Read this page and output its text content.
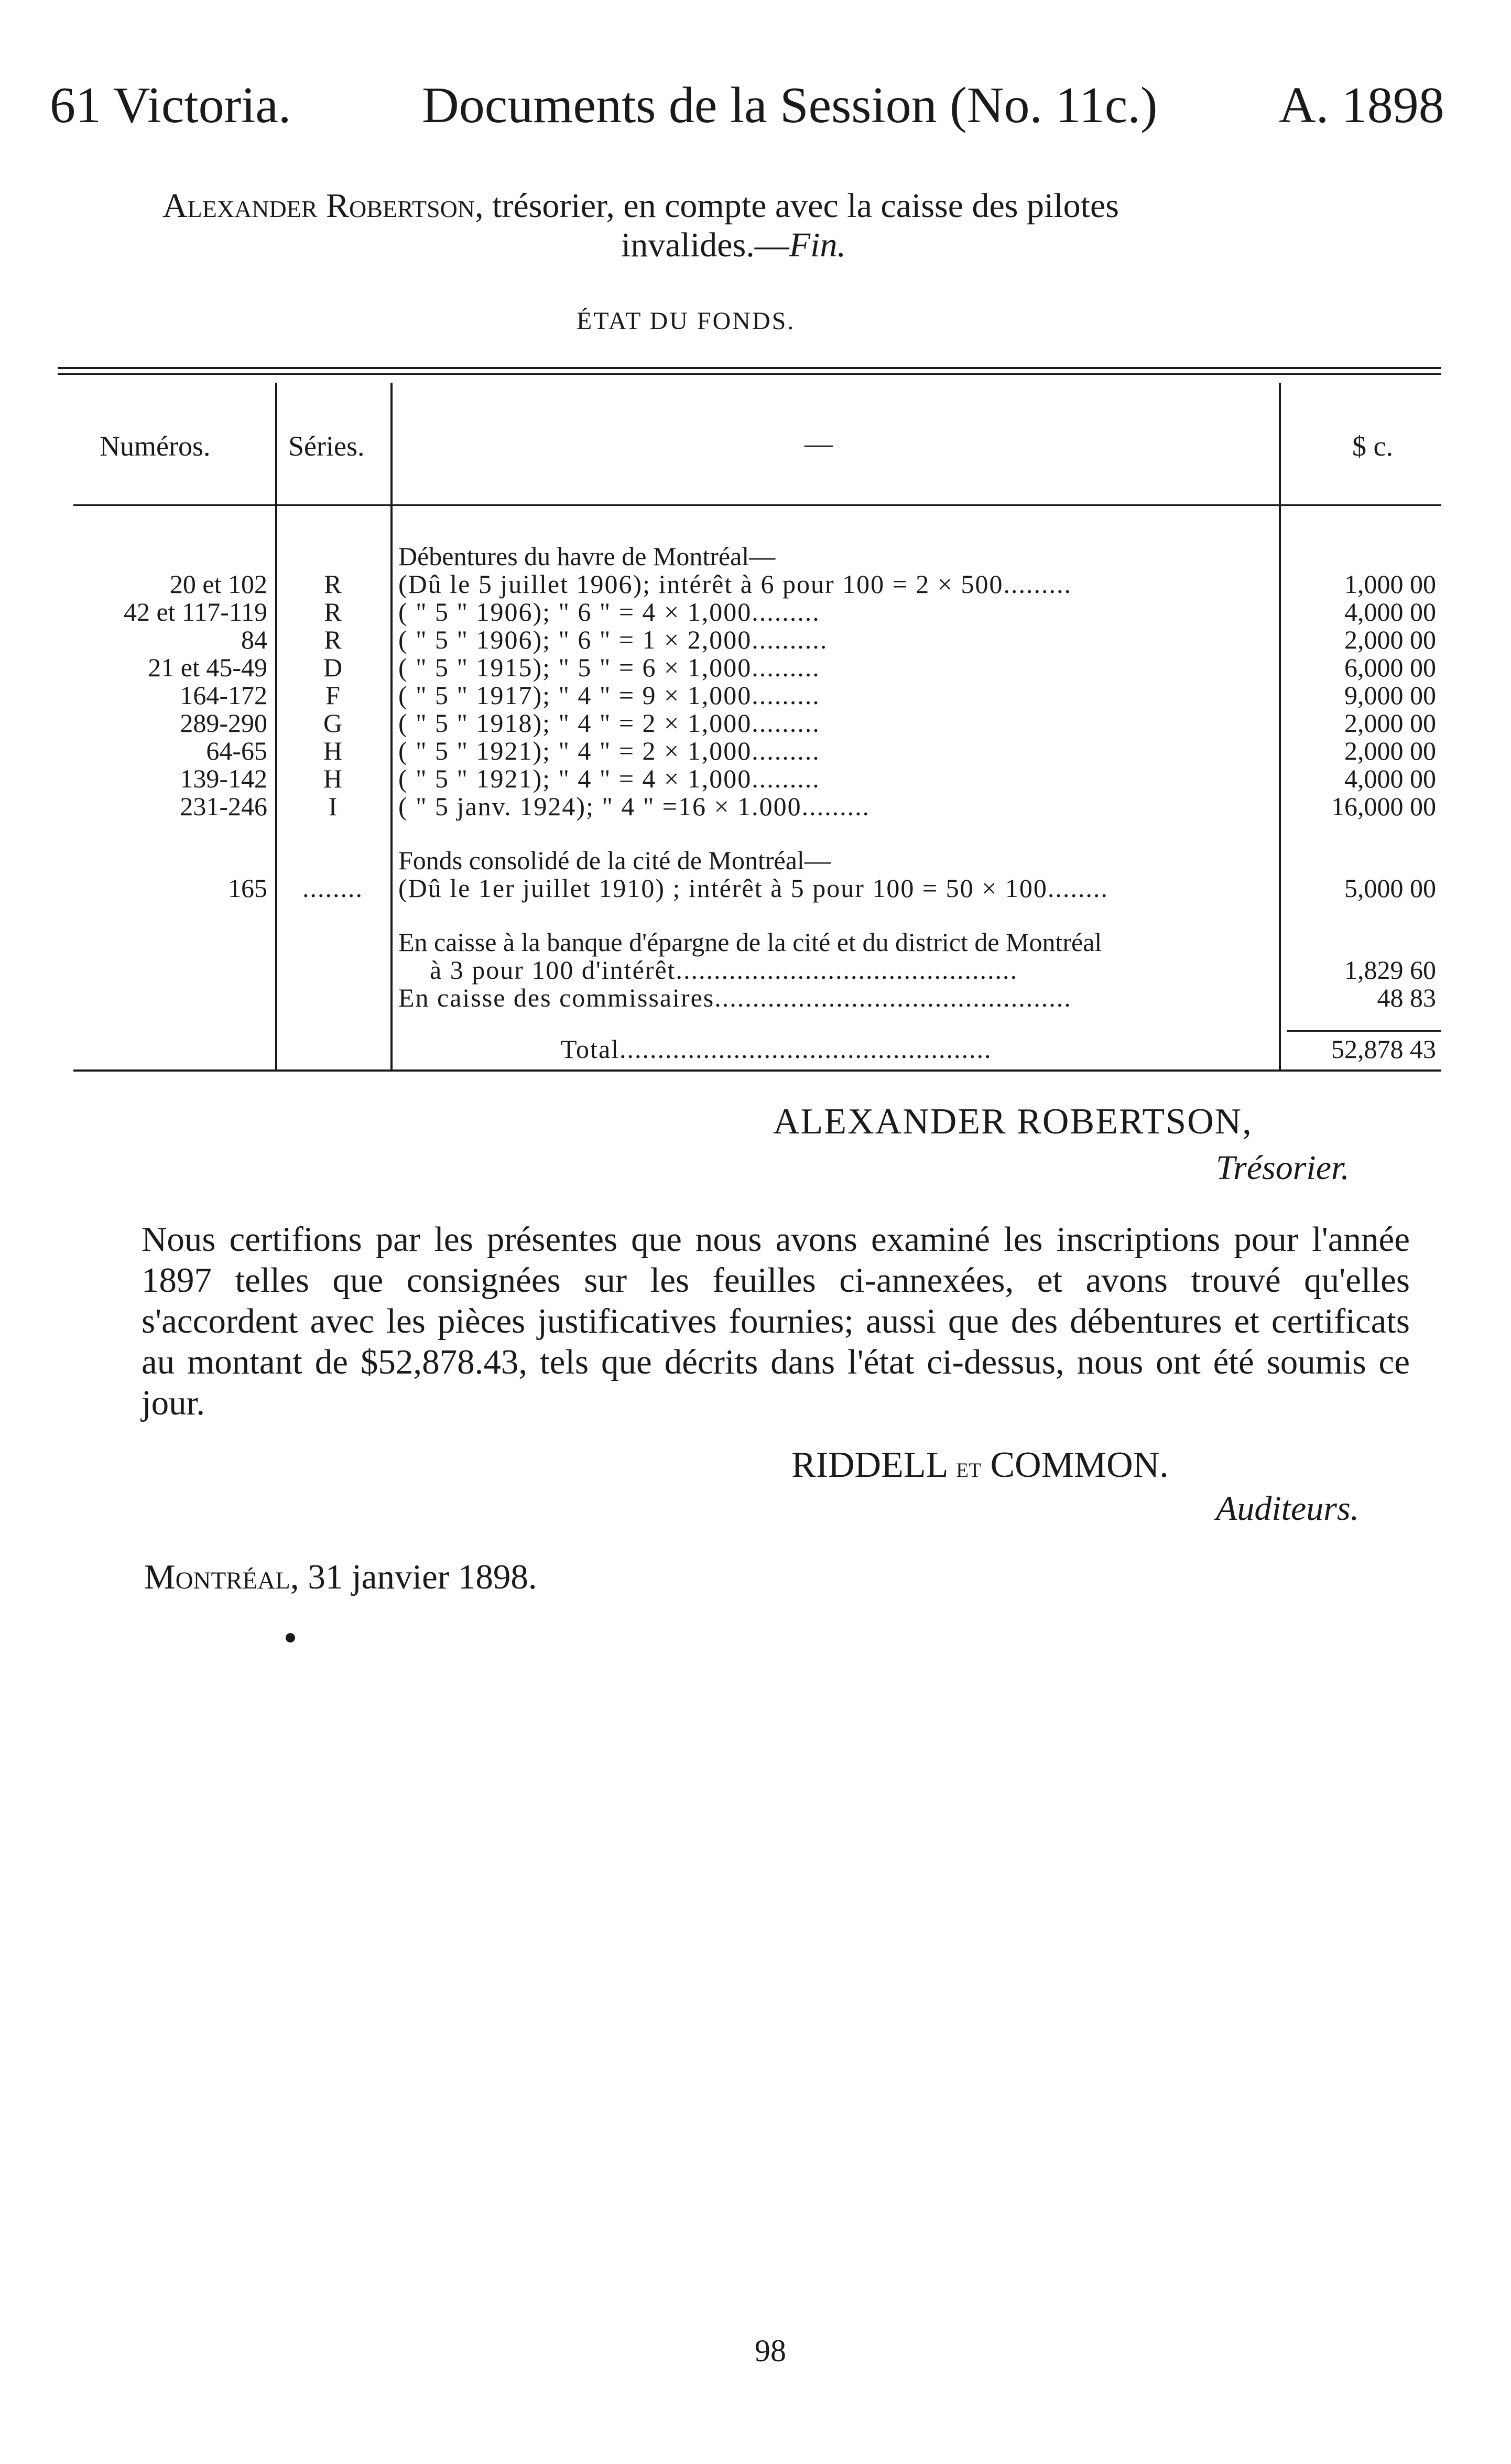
61 Victoria.	Documents de la Session (No. 11c.) A. 1898
Alexander Robertson, trésorier, en compte avec la caisse des pilotes
invalides.—Fin.
ÉTAT DU FONDS.
Numéros.	Séries.	—	$ c.
Débentures du havre de Montréal—
20 et 102	R	(Dû le 5 juillet 1906); intérêt à 6 pour 100 = 2 × 500.........	1,000 00
42 et 117-119	R	( " 5 " 1906); " 6 " = 4 × 1,000.........	4,000 00
84	R	( " 5 " 1906); " 6 " = 1 × 2,000..........	2,000 00
21 et 45-49	D	( " 5 " 1915); " 5 " = 6 × 1,000.........	6,000 00
164-172	F	( " 5 " 1917); " 4 " = 9 × 1,000.........	9,000 00
289-290	G	( " 5 " 1918); " 4 " = 2 × 1,000.........	2,000 00
64-65	H	( " 5 " 1921); " 4 " = 2 × 1,000.........	2,000 00
139-142	H	( " 5 " 1921); " 4 " = 4 × 1,000.........	4,000 00
231-246	I	( " 5 janv. 1924); " 4 " =16 × 1.000.........	16,000 00
Fonds consolidé de la cité de Montréal—
165	........	(Dû le 1er juillet 1910) ; intérêt à 5 pour 100 = 50 × 100........	5,000 00
En caisse à la banque d'épargne de la cité et du district de Montréal
à 3 pour 100 d'intérêt.............................................	1,829 60
En caisse des commissaires...............................................	48 83
Total.................................................	52,878 43
ALEXANDER ROBERTSON,
Trésorier.
Nous certifions par les présentes que nous avons examiné les inscriptions pour l'année 1897 telles que consignées sur les feuilles ci-annexées, et avons trouvé qu'elles s'accordent avec les pièces justificatives fournies; aussi que des débentures et certificats au montant de $52,878.43, tels que décrits dans l'état ci-dessus, nous ont été soumis ce jour.
RIDDELL et COMMON.
Auditeurs.
Montréal, 31 janvier 1898.
98
